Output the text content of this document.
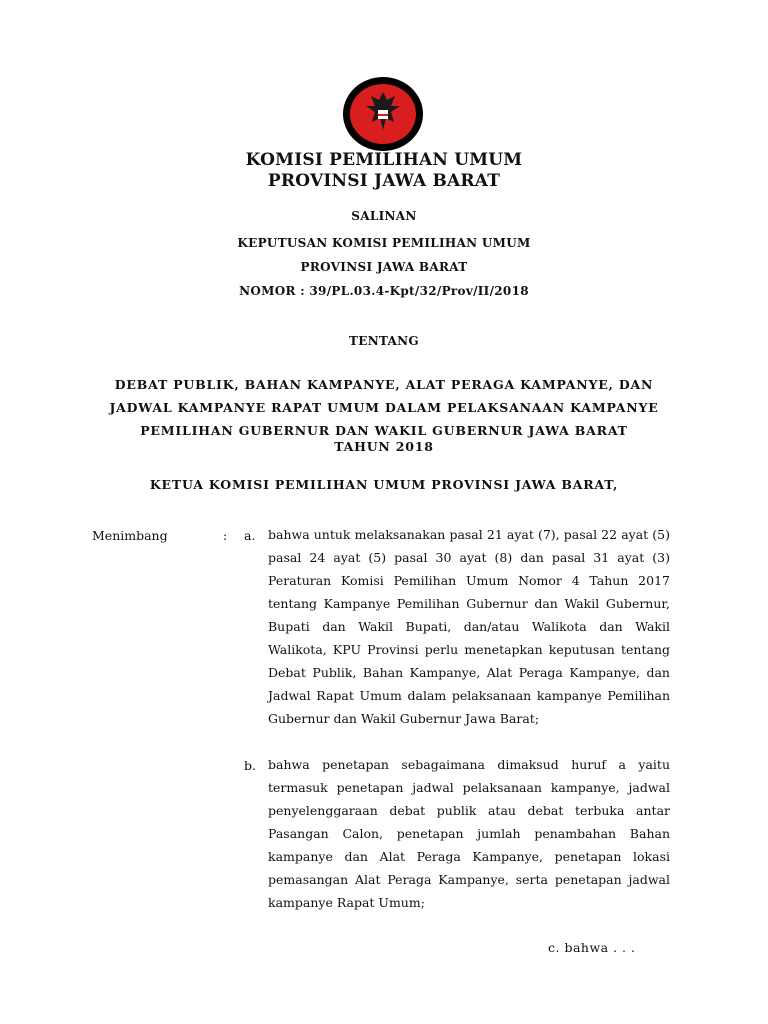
KOMISI PEMILIHAN UMUM
PROVINSI JAWA BARAT
SALINAN
KEPUTUSAN KOMISI PEMILIHAN UMUM
PROVINSI JAWA BARAT
NOMOR : 39/PL.03.4-Kpt/32/Prov/II/2018
TENTANG
DEBAT PUBLIK, BAHAN KAMPANYE, ALAT PERAGA KAMPANYE, DAN
JADWAL KAMPANYE RAPAT UMUM DALAM PELAKSANAAN KAMPANYE
PEMILIHAN GUBERNUR DAN WAKIL GUBERNUR JAWA BARAT
TAHUN 2018
KETUA KOMISI PEMILIHAN UMUM PROVINSI JAWA BARAT,
Menimbang	: a. bahwa untuk melaksanakan pasal 21 ayat (7), pasal 22 ayat (5) pasal 24 ayat (5) pasal 30 ayat (8) dan pasal 31 ayat (3) Peraturan Komisi Pemilihan Umum Nomor 4 Tahun 2017 tentang Kampanye Pemilihan Gubernur dan Wakil Gubernur, Bupati dan Wakil Bupati, dan/atau Walikota dan Wakil Walikota, KPU Provinsi perlu menetapkan keputusan tentang Debat Publik, Bahan Kampanye, Alat Peraga Kampanye, dan Jadwal Rapat Umum dalam pelaksanaan kampanye Pemilihan Gubernur dan Wakil Gubernur Jawa Barat;

b. bahwa penetapan sebagaimana dimaksud huruf a yaitu termasuk penetapan jadwal pelaksanaan kampanye, jadwal penyelenggaraan debat publik atau debat terbuka antar Pasangan Calon, penetapan jumlah penambahan Bahan kampanye dan Alat Peraga Kampanye, penetapan lokasi pemasangan Alat Peraga Kampanye, serta penetapan jadwal kampanye Rapat Umum;

c. bahwa . . .
